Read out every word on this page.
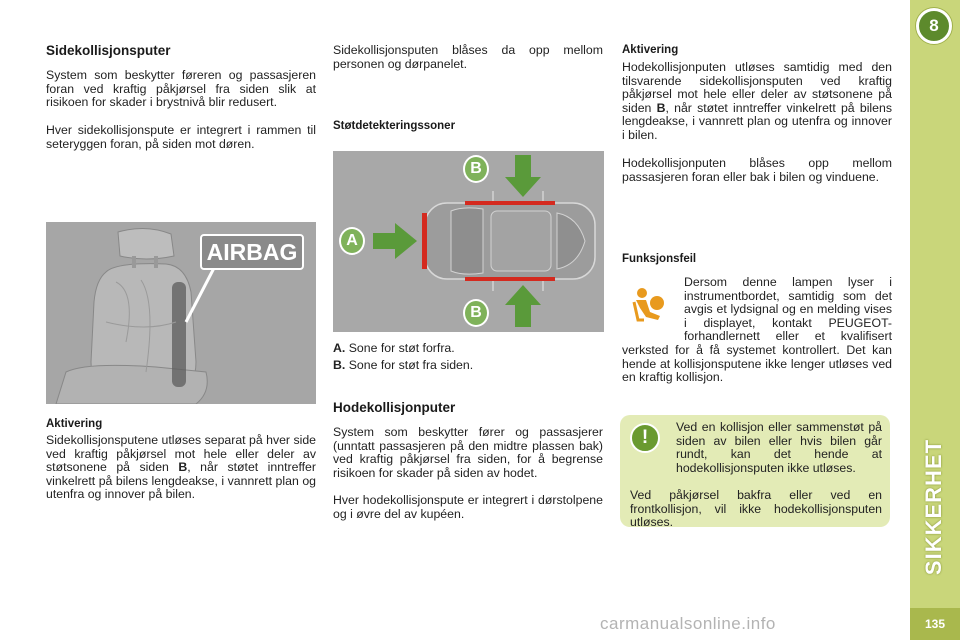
8
SIKKERHET
135
Sidekollisjonsputer

System som beskytter føreren og passasjeren foran ved kraftig påkjørsel fra siden slik at risikoen for skader i brystnivå blir redusert.

Hver sidekollisjonspute er integrert i rammen til seteryggen foran, på siden mot døren.

AIRBAG
Aktivering

Sidekollisjonsputene utløses separat på hver side ved kraftig påkjørsel mot hele eller deler av støtsonene på siden B, når støtet inntreffer vinkelrett på bilens lengdeakse, i vannrett plan og utenfra og innover på bilen.

Sidekollisjonsputen blåses da opp mellom personen og dørpanelet.

Støtdetekteringssoner
A
B
B
A. Sone for støt forfra.
B. Sone for støt fra siden.
Hodekollisjonputer

System som beskytter fører og passasjerer (unntatt passasjeren på den midtre plassen bak) ved kraftig påkjørsel fra siden, for å begrense risikoen for skader på siden av hodet.

Hver hodekollisjonspute er integrert i dørstolpene og i øvre del av kupéen.

Aktivering

Hodekollisjonputen utløses samtidig med den tilsvarende sidekollisjonsputen ved kraftig påkjørsel mot hele eller deler av støtsonene på siden B, når støtet inntreffer vinkelrett på bilens lengdeakse, i vannrett plan og utenfra og innover i bilen.

Hodekollisjonputen blåses opp mellom passasjeren foran eller bak i bilen og vinduene.

Funksjonsfeil

Dersom denne lampen lyser i instrumentbordet, samtidig som det avgis et lydsignal og en melding vises i displayet, kontakt PEUGEOT-forhandlernett eller et kvalifisert verksted for å få systemet kontrollert. Det kan hende at kollisjonsputene ikke lenger utløses ved en kraftig kollisjon.

!	Ved en kollisjon eller sammenstøt på siden av bilen eller hvis bilen går rundt, kan det hende at hodekollisjonsputen ikke utløses.

Ved påkjørsel bakfra eller ved en frontkollisjon, vil ikke hodekollisjonsputen utløses.

carmanualsonline.info
